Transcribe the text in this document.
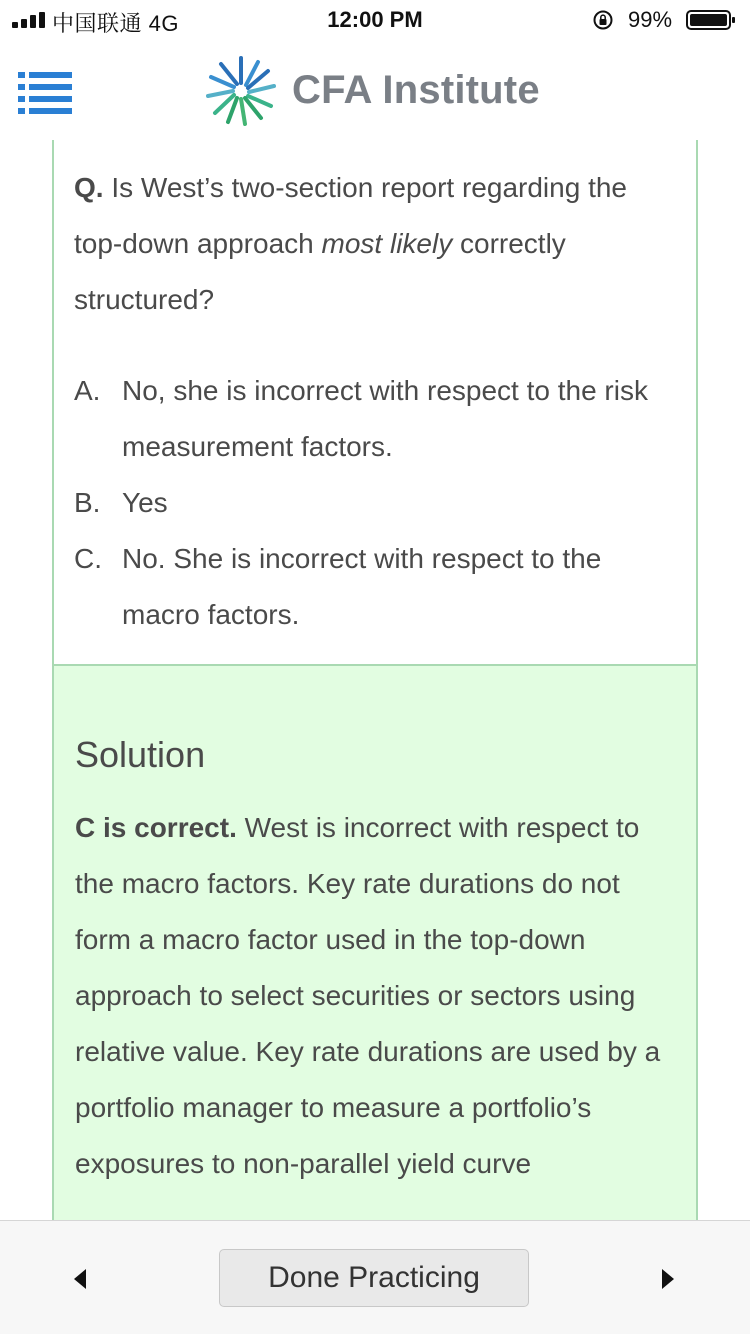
中国联通 4G	12:00 PM	99%
CFA Institute

Q. Is West’s two-section report regarding the top-down approach most likely correctly structured?

A. No, she is incorrect with respect to the risk measurement factors.
B. Yes
C. No. She is incorrect with respect to the macro factors.
Solution

C is correct. West is incorrect with respect to the macro factors. Key rate durations do not form a macro factor used in the top-down approach to select securities or sectors using relative value. Key rate durations are used by a portfolio manager to measure a portfolio’s exposures to non-parallel yield curve

Done Practicing
